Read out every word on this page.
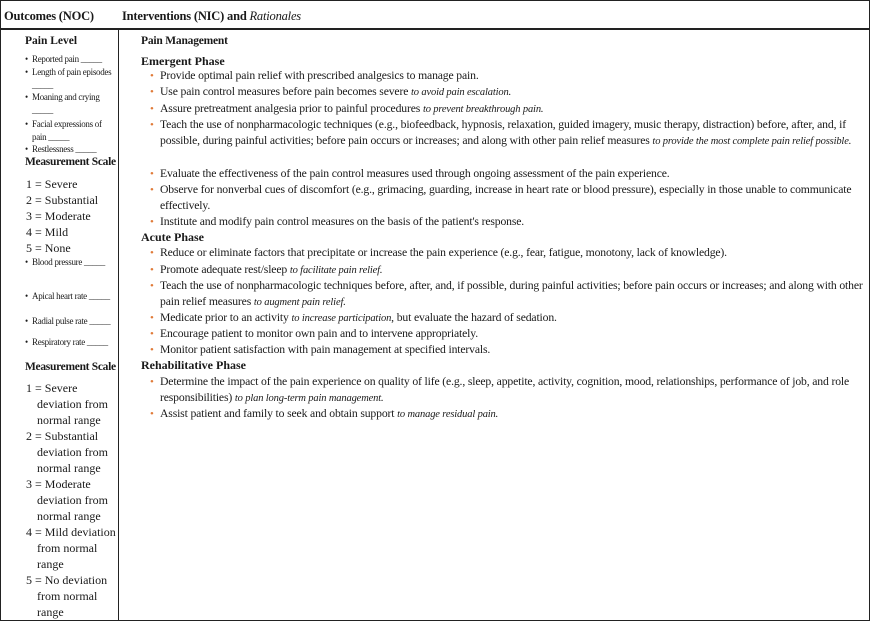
Outcomes (NOC) Interventions (NIC) and Rationales
Pain Level
• Reported pain _____
• Length of pain episodes _____
• Moaning and crying _____
• Facial expressions of pain _____
• Restlessness _____
Measurement Scale
1 = Severe
2 = Substantial
3 = Moderate
4 = Mild
5 = None
• Blood pressure _____
• Apical heart rate _____
• Radial pulse rate _____
• Respiratory rate _____
Measurement Scale
1 = Severe deviation from normal range
2 = Substantial deviation from normal range
3 = Moderate deviation from normal range
4 = Mild deviation from normal range
5 = No deviation from normal range
Pain Management
Emergent Phase
• Provide optimal pain relief with prescribed analgesics to manage pain.
• Use pain control measures before pain becomes severe to avoid pain escalation.
• Assure pretreatment analgesia prior to painful procedures to prevent breakthrough pain.
• Teach the use of nonpharmacologic techniques (e.g., biofeedback, hypnosis, relaxation, guided imagery, music therapy, distraction) before, after, and, if possible, during painful activities; before pain occurs or increases; and along with other pain relief measures to provide the most complete pain relief possible.
• Evaluate the effectiveness of the pain control measures used through ongoing assessment of the pain experience.
• Observe for nonverbal cues of discomfort (e.g., grimacing, guarding, increase in heart rate or blood pressure), especially in those unable to communicate effectively.
• Institute and modify pain control measures on the basis of the patient's response.
Acute Phase
• Reduce or eliminate factors that precipitate or increase the pain experience (e.g., fear, fatigue, monotony, lack of knowledge).
• Promote adequate rest/sleep to facilitate pain relief.
• Teach the use of nonpharmacologic techniques before, after, and, if possible, during painful activities; before pain occurs or increases; and along with other pain relief measures to augment pain relief.
• Medicate prior to an activity to increase participation, but evaluate the hazard of sedation.
• Encourage patient to monitor own pain and to intervene appropriately.
• Monitor patient satisfaction with pain management at specified intervals.
Rehabilitative Phase
• Determine the impact of the pain experience on quality of life (e.g., sleep, appetite, activity, cognition, mood, relationships, performance of job, and role responsibilities) to plan long-term pain management.
• Assist patient and family to seek and obtain support to manage residual pain.
